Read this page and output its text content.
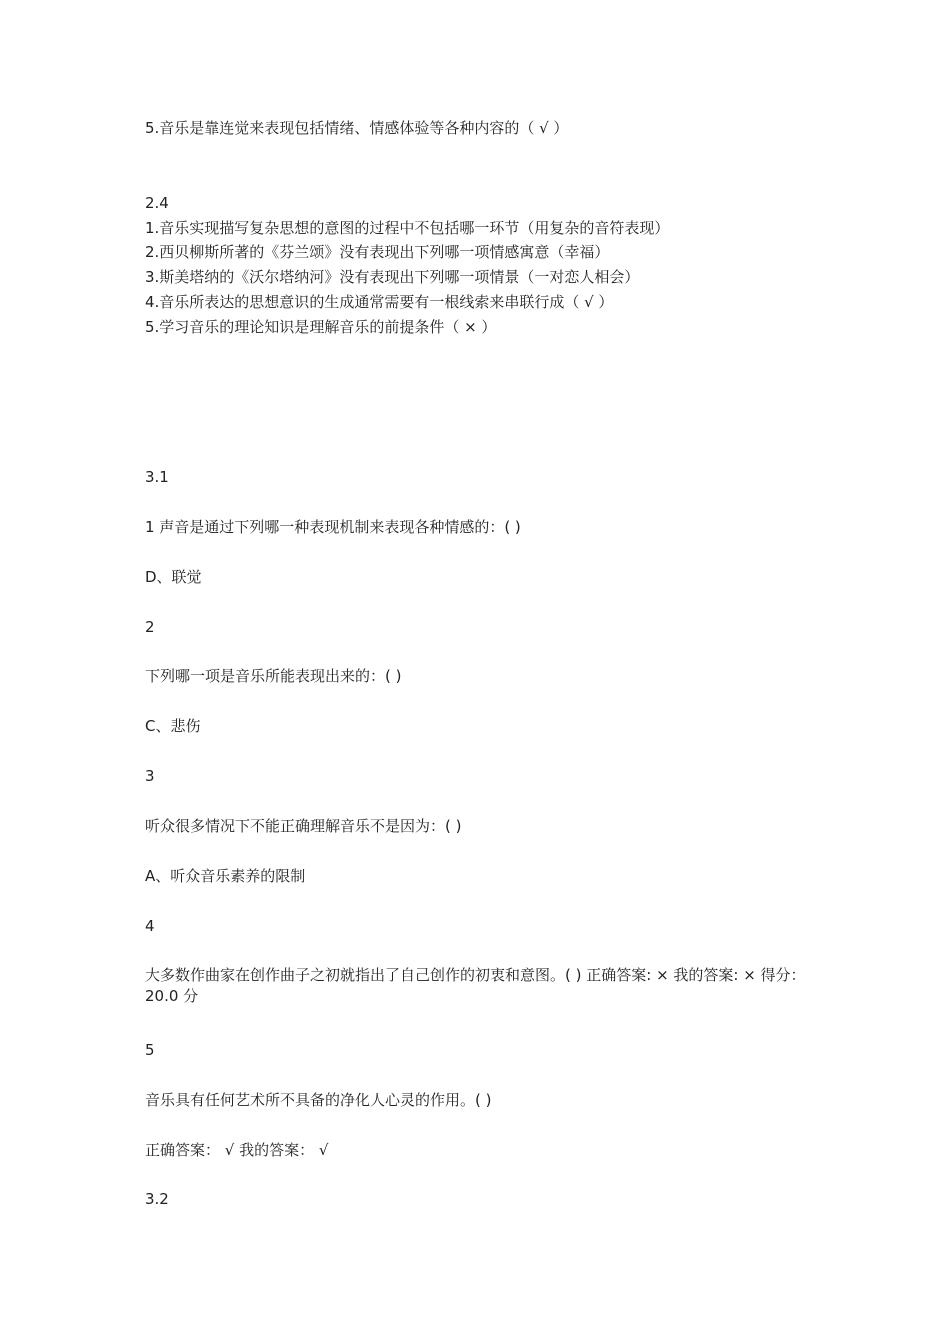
5.音乐是靠连觉来表现包括情绪、情感体验等各种内容的（ √ ）
2.4
1.音乐实现描写复杂思想的意图的过程中不包括哪一环节（用复杂的音符表现）
2.西贝柳斯所著的《芬兰颂》没有表现出下列哪一项情感寓意（幸福）
3.斯美塔纳的《沃尔塔纳河》没有表现出下列哪一项情景（一对恋人相会）
4.音乐所表达的思想意识的生成通常需要有一根线索来串联行成（ √ ）
5.学习音乐的理论知识是理解音乐的前提条件（ × ）
3.1
1 声音是通过下列哪一种表现机制来表现各种情感的：( )
D、联觉
2
下列哪一项是音乐所能表现出来的：( )
C、悲伤
3
听众很多情况下不能正确理解音乐不是因为：( )
A、听众音乐素养的限制
4
大多数作曲家在创作曲子之初就指出了自己创作的初衷和意图。( ) 正确答案: × 我的答案: × 得分： 20.0 分
5
音乐具有任何艺术所不具备的净化人心灵的作用。( )
正确答案： √ 我的答案： √
3.2
